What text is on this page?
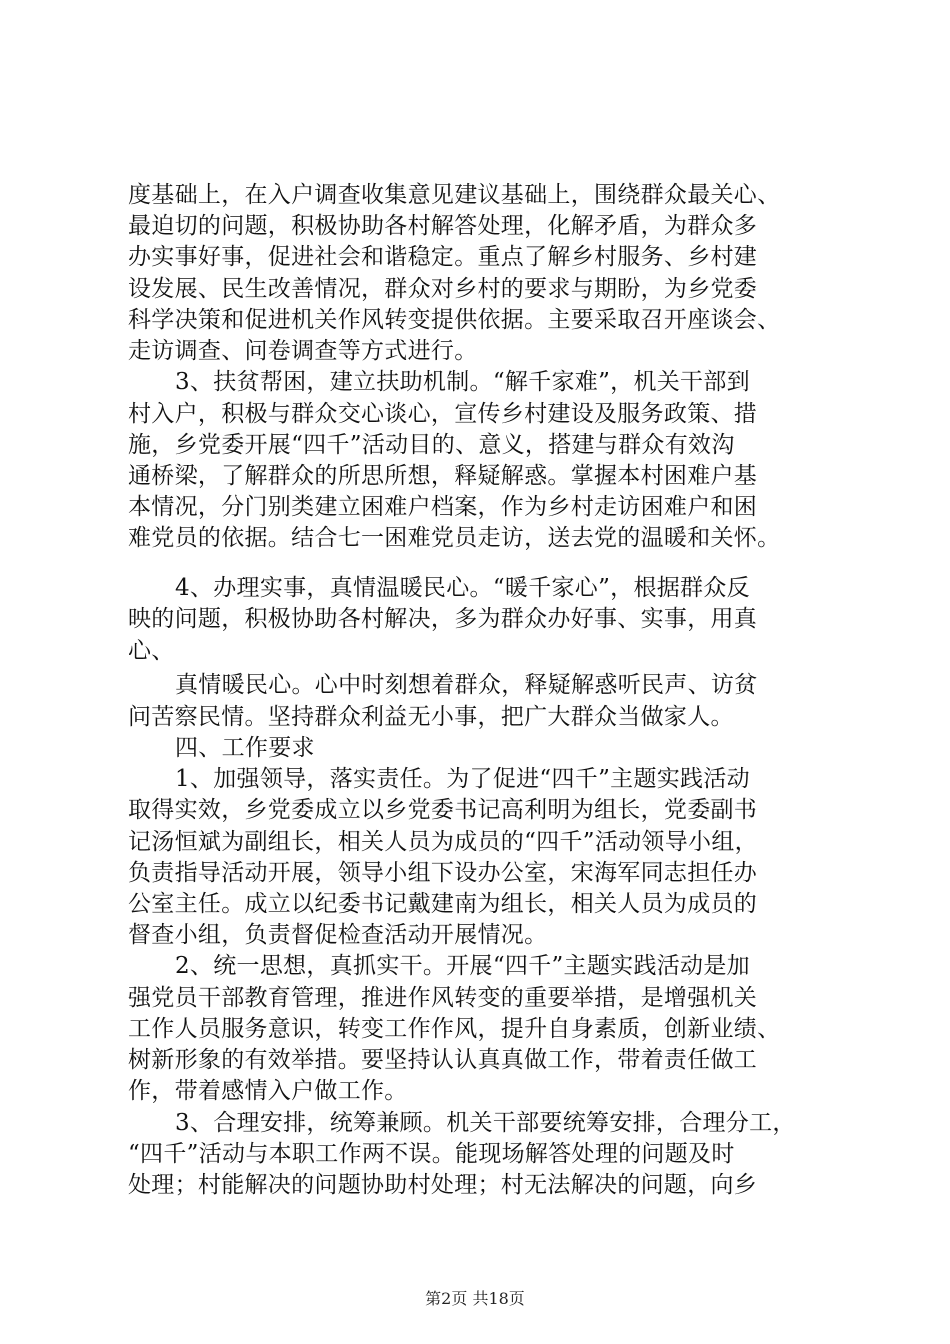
度基础上，在入户调查收集意见建议基础上，围绕群众最关心、
最迫切的问题，积极协助各村解答处理，化解矛盾，为群众多
办实事好事，促进社会和谐稳定。重点了解乡村服务、乡村建
设发展、民生改善情况，群众对乡村的要求与期盼，为乡党委
科学决策和促进机关作风转变提供依据。主要采取召开座谈会、
走访调查、问卷调查等方式进行。
3、扶贫帮困，建立扶助机制。“解千家难”，机关干部到
村入户，积极与群众交心谈心，宣传乡村建设及服务政策、措
施，乡党委开展“四千”活动目的、意义，搭建与群众有效沟
通桥梁，了解群众的所思所想，释疑解惑。掌握本村困难户基
本情况，分门别类建立困难户档案，作为乡村走访困难户和困
难党员的依据。结合七一困难党员走访，送去党的温暖和关怀。
4、办理实事，真情温暖民心。“暖千家心”，根据群众反
映的问题，积极协助各村解决，多为群众办好事、实事，用真
心、
真情暖民心。心中时刻想着群众，释疑解惑听民声、访贫
问苦察民情。坚持群众利益无小事，把广大群众当做家人。
四、工作要求
1、加强领导，落实责任。为了促进“四千”主题实践活动
取得实效，乡党委成立以乡党委书记高利明为组长，党委副书
记汤恒斌为副组长，相关人员为成员的“四千”活动领导小组，
负责指导活动开展，领导小组下设办公室，宋海军同志担任办
公室主任。成立以纪委书记戴建南为组长，相关人员为成员的
督查小组，负责督促检查活动开展情况。
2、统一思想，真抓实干。开展“四千”主题实践活动是加
强党员干部教育管理，推进作风转变的重要举措，是增强机关
工作人员服务意识，转变工作作风，提升自身素质，创新业绩、
树新形象的有效举措。要坚持认认真真做工作，带着责任做工
作，带着感情入户做工作。
3、合理安排，统筹兼顾。机关干部要统筹安排，合理分工，
“四千”活动与本职工作两不误。能现场解答处理的问题及时
处理；村能解决的问题协助村处理；村无法解决的问题，向乡
第2页 共18页
